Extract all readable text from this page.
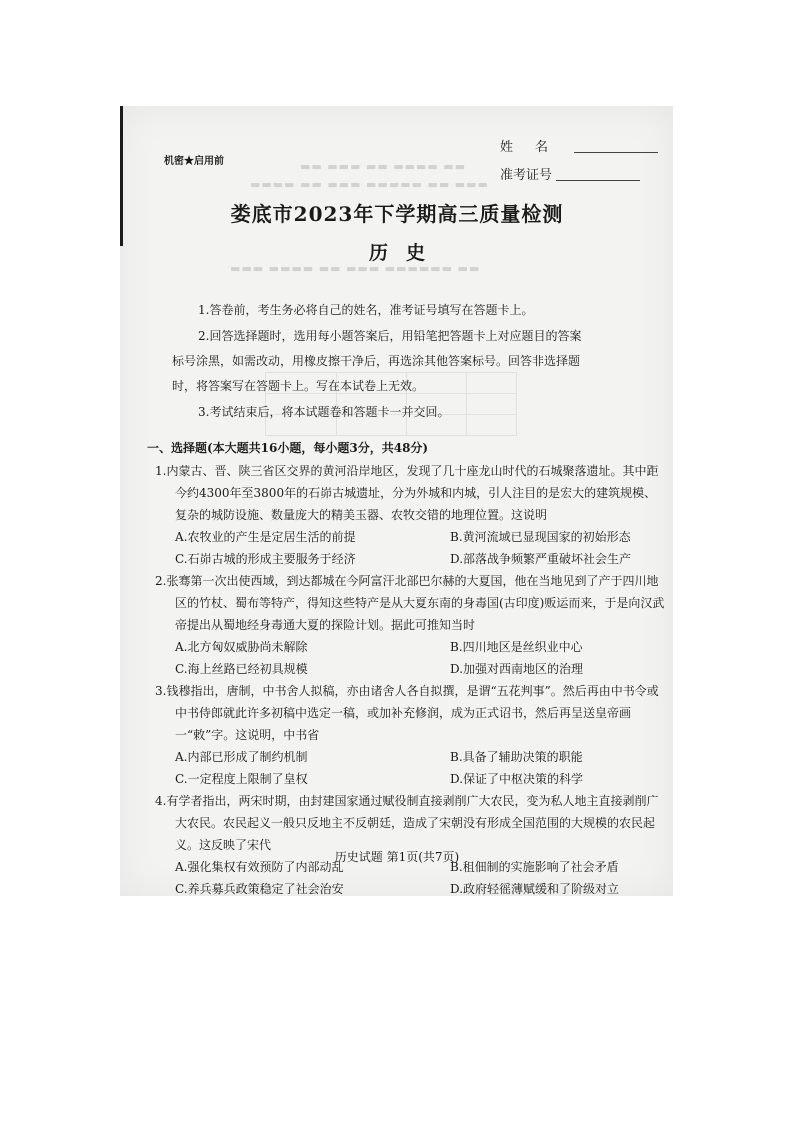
▬▬ ▬▬▬ ▬▬ ▬▬▬▬ ▬▬
▬▬▬▬ ▬▬ ▬▬▬ ▬▬▬▬▬ ▬▬ ▬▬▬
▬▬▬ ▬▬▬▬ ▬▬ ▬▬▬ ▬▬▬▬▬▬ ▬▬
机密★启用前
姓名
准考证号
娄底市2023年下学期高三质量检测
历史

1.答卷前，考生务必将自己的姓名，准考证号填写在答题卡上。

2.回答选择题时，选用每小题答案后，用铅笔把答题卡上对应题目的答案标号涂黑，如需改动，用橡皮擦干净后，再选涂其他答案标号。回答非选择题时，将答案写在答题卡上。写在本试卷上无效。

3.考试结束后，将本试题卷和答题卡一并交回。

一、选择题(本大题共16小题，每小题3分，共48分)
1.内蒙古、晋、陕三省区交界的黄河沿岸地区，发现了几十座龙山时代的石城聚落遗址。其中距今约4300年至3800年的石峁古城遗址，分为外城和内城，引人注目的是宏大的建筑规模、复杂的城防设施、数量庞大的精美玉器、农牧交错的地理位置。这说明
A.农牧业的产生是定居生活的前提	B.黄河流域已显现国家的初始形态
C.石峁古城的形成主要服务于经济	D.部落战争频繁严重破坏社会生产
2.张骞第一次出使西域，到达都城在今阿富汗北部巴尔赫的大夏国，他在当地见到了产于四川地区的竹杖、蜀布等特产，得知这些特产是从大夏东南的身毒国(古印度)贩运而来，于是向汉武帝提出从蜀地经身毒通大夏的探险计划。据此可推知当时
A.北方匈奴威胁尚未解除	B.四川地区是丝织业中心
C.海上丝路已经初具规模	D.加强对西南地区的治理
3.钱穆指出，唐制，中书舍人拟稿，亦由诸舍人各自拟撰，是谓“五花判事”。然后再由中书令或中书侍郎就此许多初稿中选定一稿，或加补充修润，成为正式诏书，然后再呈送皇帝画一“敕”字。这说明，中书省
A.内部已形成了制约机制	B.具备了辅助决策的职能
C.一定程度上限制了皇权	D.保证了中枢决策的科学
4.有学者指出，两宋时期，由封建国家通过赋役制直接剥削广大农民，变为私人地主直接剥削广大农民。农民起义一般只反地主不反朝廷，造成了宋朝没有形成全国范围的大规模的农民起义。这反映了宋代
A.强化集权有效预防了内部动乱	B.租佃制的实施影响了社会矛盾
C.养兵募兵政策稳定了社会治安	D.政府轻徭薄赋缓和了阶级对立
历史试题 第1页(共7页)
